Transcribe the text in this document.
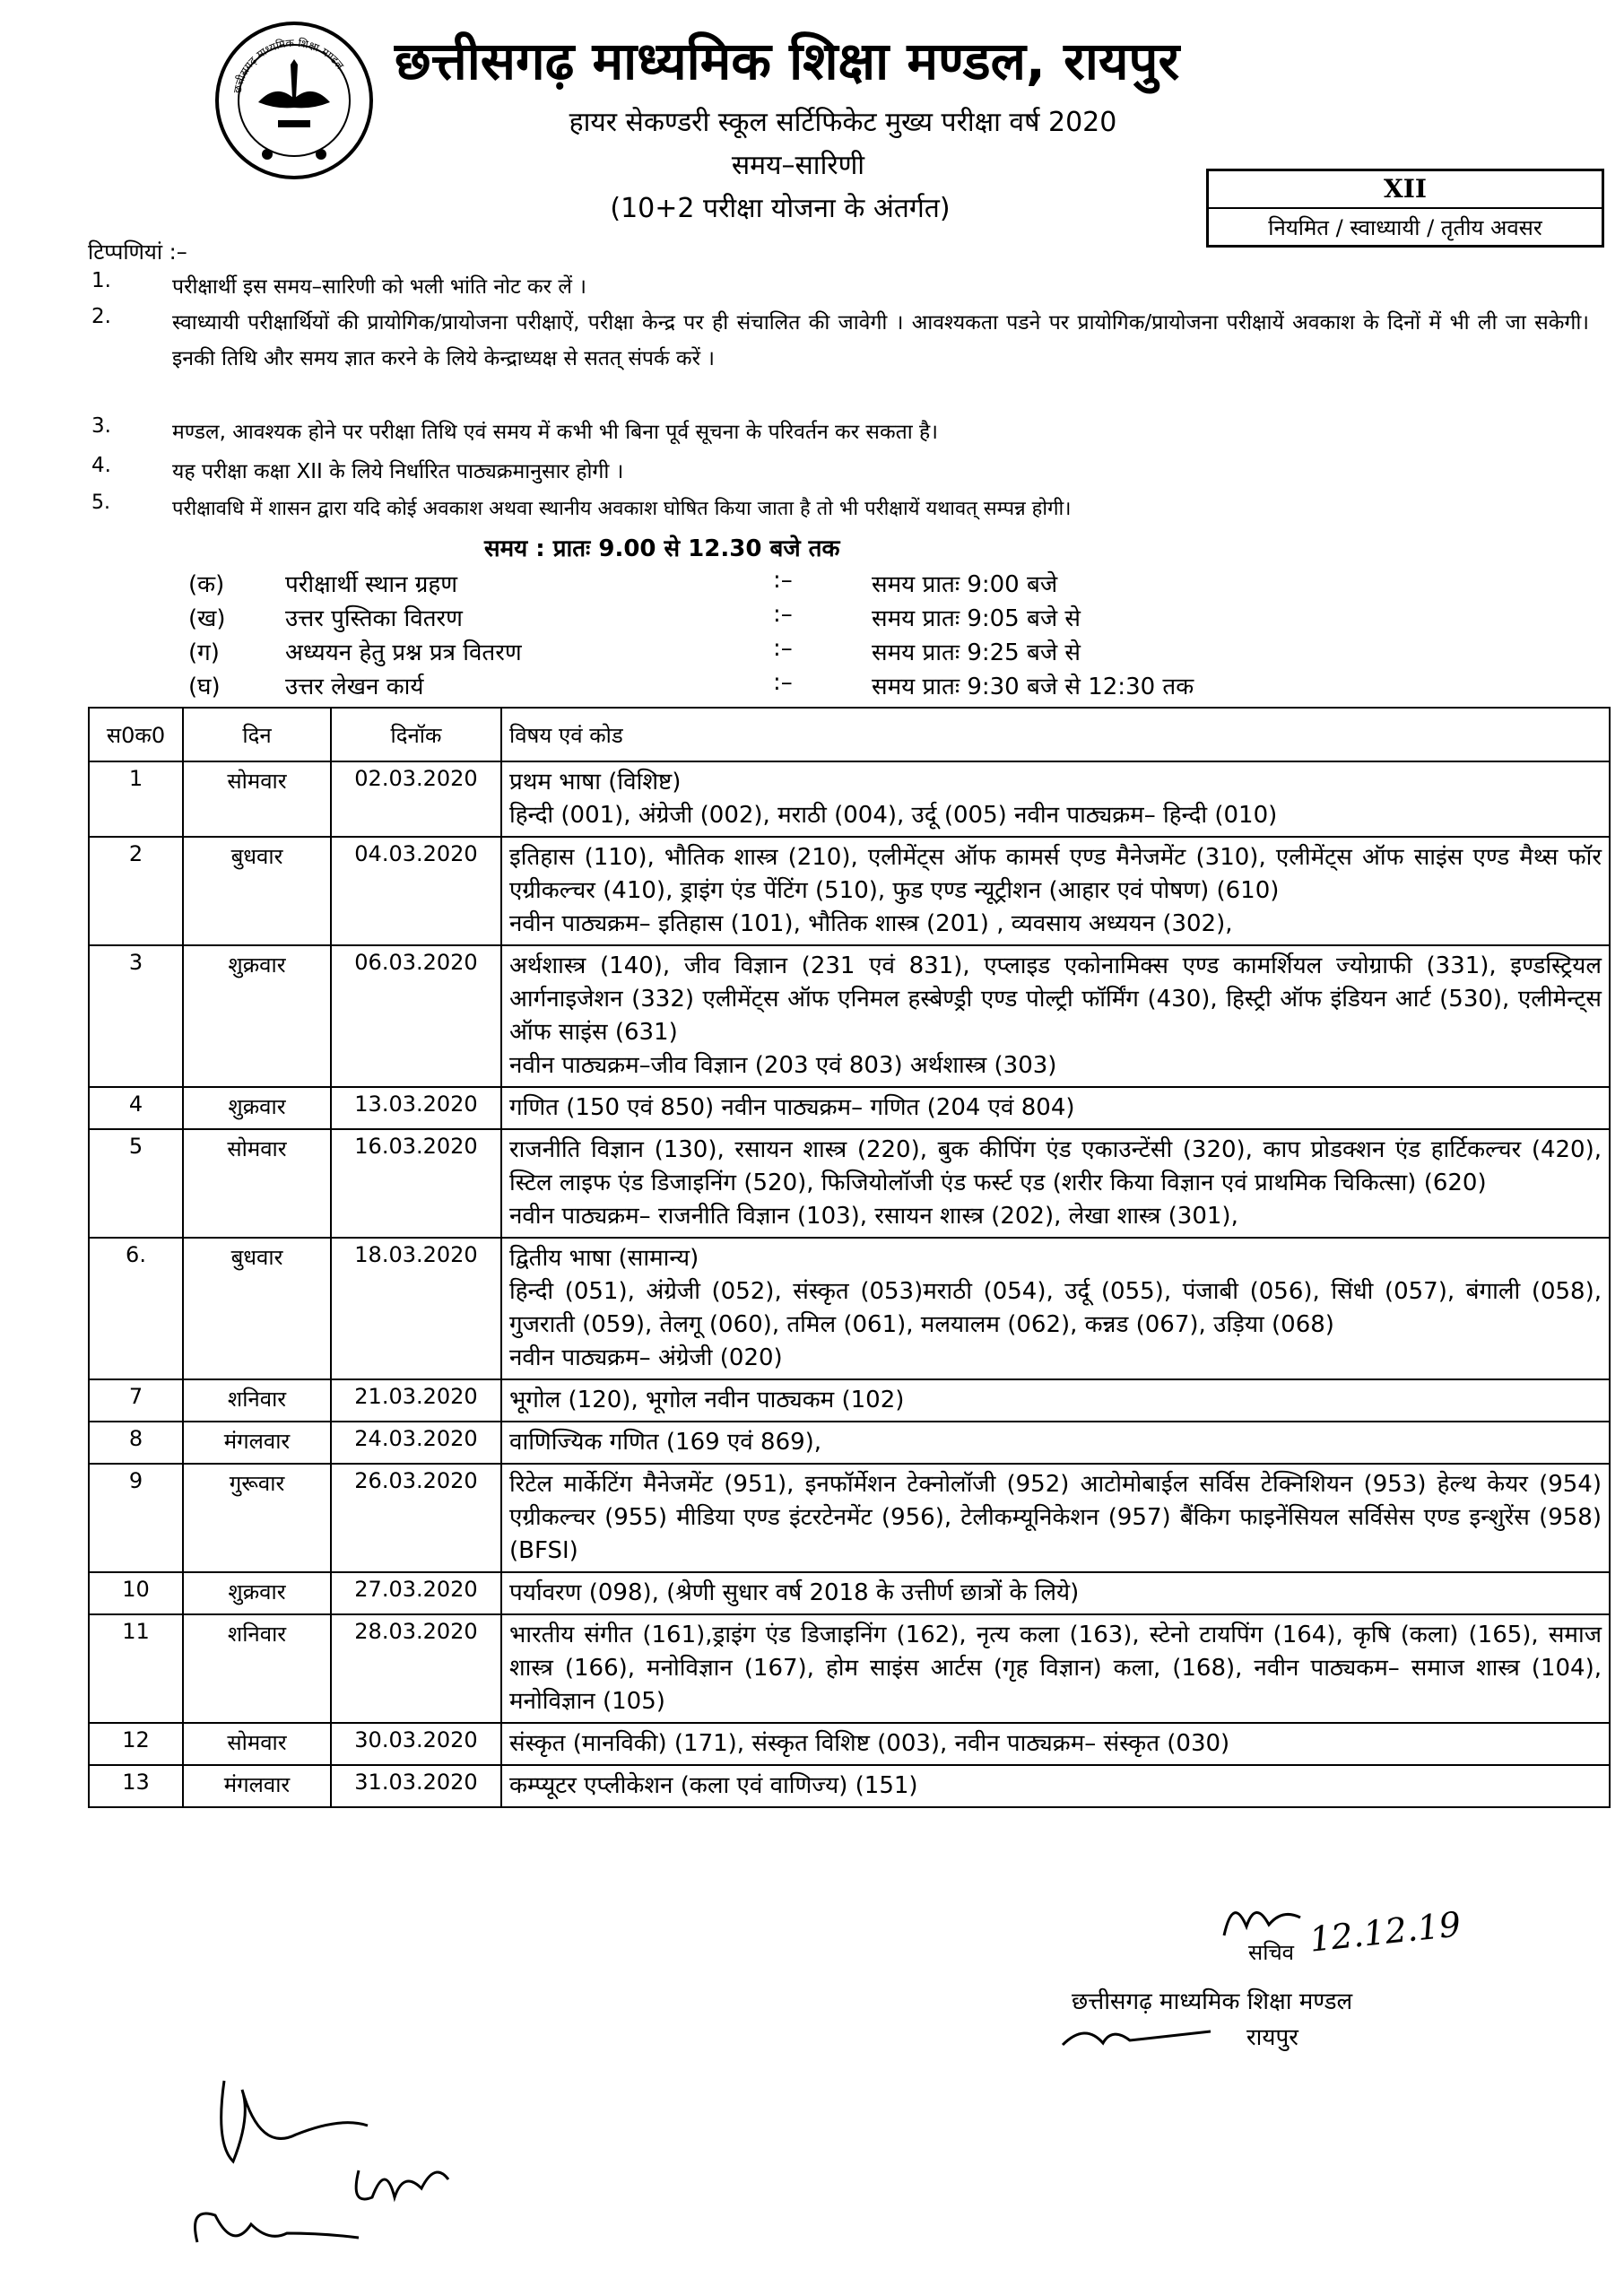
छत्तीसगढ़ माध्यमिक शिक्षा मण्डल छत्तीसगढ़ माध्यमिक शिक्षा मण्डल, रायपुर
हायर सेकण्डरी स्कूल सर्टिफिकेट मुख्य परीक्षा वर्ष 2020
समय–सारिणी
(10+2 परीक्षा योजना के अंतर्गत)
XII
नियमित / स्वाध्यायी / तृतीय अवसर
टिप्पणियां :–
1.	परीक्षार्थी इस समय–सारिणी को भली भांति नोट कर लें ।
2.	स्वाध्यायी परीक्षार्थियों की प्रायोगिक/प्रायोजना परीक्षाऐं, परीक्षा केन्द्र पर ही संचालित की जावेगी । आवश्यकता पडने पर प्रायोगिक/प्रायोजना परीक्षायें अवकाश के दिनों में भी ली जा सकेगी। इनकी तिथि और समय ज्ञात करने के लिये केन्द्राध्यक्ष से सतत् संपर्क करें ।
3.	मण्डल, आवश्यक होने पर परीक्षा तिथि एवं समय में कभी भी बिना पूर्व सूचना के परिवर्तन कर सकता है।
4.	यह परीक्षा कक्षा XII के लिये निर्धारित पाठ्यक्रमानुसार होगी ।
5.	परीक्षावधि में शासन द्वारा यदि कोई अवकाश अथवा स्थानीय अवकाश घोषित किया जाता है तो भी परीक्षायें यथावत् सम्पन्न होगी।
समय : प्रातः 9.00 से 12.30 बजे तक
(क)	परीक्षार्थी स्थान ग्रहण	:–	समय प्रातः 9:00 बजे
(ख)	उत्तर पुस्तिका वितरण	:–	समय प्रातः 9:05 बजे से
(ग)	अध्ययन हेतु प्रश्न प्रत्र वितरण	:–	समय प्रातः 9:25 बजे से
(घ)	उत्तर लेखन कार्य	:–	समय प्रातः 9:30 बजे से 12:30 तक
स0क0	दिन	दिनॉक	विषय एवं कोड
1	सोमवार	02.03.2020	प्रथम भाषा (विशिष्ट)
हिन्दी (001), अंग्रेजी (002), मराठी (004), उर्दू (005) नवीन पाठ्यक्रम– हिन्दी (010)
2	बुधवार	04.03.2020	इतिहास (110), भौतिक शास्त्र (210), एलीमेंट्स ऑफ कामर्स एण्ड मैनेजमेंट (310), एलीमेंट्स ऑफ साइंस एण्ड मैथ्स फॉर एग्रीकल्चर (410), ड्राइंग एंड पेंटिंग (510), फुड एण्ड न्यूट्रीशन (आहार एवं पोषण) (610)
नवीन पाठ्यक्रम– इतिहास (101), भौतिक शास्त्र (201) , व्यवसाय अध्ययन (302),
3	शुक्रवार	06.03.2020	अर्थशास्त्र (140), जीव विज्ञान (231 एवं 831), एप्लाइड एकोनामिक्स एण्ड कामर्शियल ज्योग्राफी (331), इण्डस्ट्रियल आर्गनाइजेशन (332) एलीमेंट्स ऑफ एनिमल हस्बेण्ड्री एण्ड पोल्ट्री फॉर्मिंग (430), हिस्ट्री ऑफ इंडियन आर्ट (530), एलीमेन्ट्स ऑफ साइंस (631)
नवीन पाठ्यक्रम–जीव विज्ञान (203 एवं 803) अर्थशास्त्र (303)
4	शुक्रवार	13.03.2020	गणित (150 एवं 850) नवीन पाठ्यक्रम– गणित (204 एवं 804)
5	सोमवार	16.03.2020	राजनीति विज्ञान (130), रसायन शास्त्र (220), बुक कीपिंग एंड एकाउन्टेंसी (320), काप प्रोडक्शन एंड हार्टिकल्चर (420), स्टिल लाइफ एंड डिजाइनिंग (520), फिजियोलॉजी एंड फर्स्ट एड (शरीर किया विज्ञान एवं प्राथमिक चिकित्सा) (620)
नवीन पाठ्यक्रम– राजनीति विज्ञान (103), रसायन शास्त्र (202), लेखा शास्त्र (301),
6.	बुधवार	18.03.2020	द्वितीय भाषा (सामान्य)
हिन्दी (051), अंग्रेजी (052), संस्कृत (053)मराठी (054), उर्दू (055), पंजाबी (056), सिंधी (057), बंगाली (058), गुजराती (059), तेलगू (060), तमिल (061), मलयालम (062), कन्नड (067), उड़िया (068)
नवीन पाठ्यक्रम– अंग्रेजी (020)
7	शनिवार	21.03.2020	भूगोल (120), भूगोल नवीन पाठ्यकम (102)
8	मंगलवार	24.03.2020	वाणिज्यिक गणित (169 एवं 869),
9	गुरूवार	26.03.2020	रिटेल मार्केटिंग मैनेजमेंट (951), इनफॉर्मेशन टेक्नोलॉजी (952) आटोमोबाईल सर्विस टेक्निशियन (953) हेल्थ केयर (954) एग्रीकल्चर (955) मीडिया एण्ड इंटरटेनमेंट (956), टेलीकम्यूनिकेशन (957) बैंकिग फाइनेंसियल सर्विसेस एण्ड इन्शुरेंस (958) (BFSI)
10	शुक्रवार	27.03.2020	पर्यावरण (098), (श्रेणी सुधार वर्ष 2018 के उत्तीर्ण छात्रों के लिये)
11	शनिवार	28.03.2020	भारतीय संगीत (161),ड्राइंग एंड डिजाइनिंग (162), नृत्य कला (163), स्टेनो टायपिंग (164), कृषि (कला) (165), समाज शास्त्र (166), मनोविज्ञान (167), होम साइंस आर्टस (गृह विज्ञान) कला, (168), नवीन पाठ्यकम– समाज शास्त्र (104), मनोविज्ञान (105)
12	सोमवार	30.03.2020	संस्कृत (मानविकी) (171), संस्कृत विशिष्ट (003), नवीन पाठ्यक्रम– संस्कृत (030)
13	मंगलवार	31.03.2020	कम्प्यूटर एप्लीकेशन (कला एवं वाणिज्य) (151)
12.12.19
सचिव
छत्तीसगढ़ माध्यमिक शिक्षा मण्डल
रायपुर
